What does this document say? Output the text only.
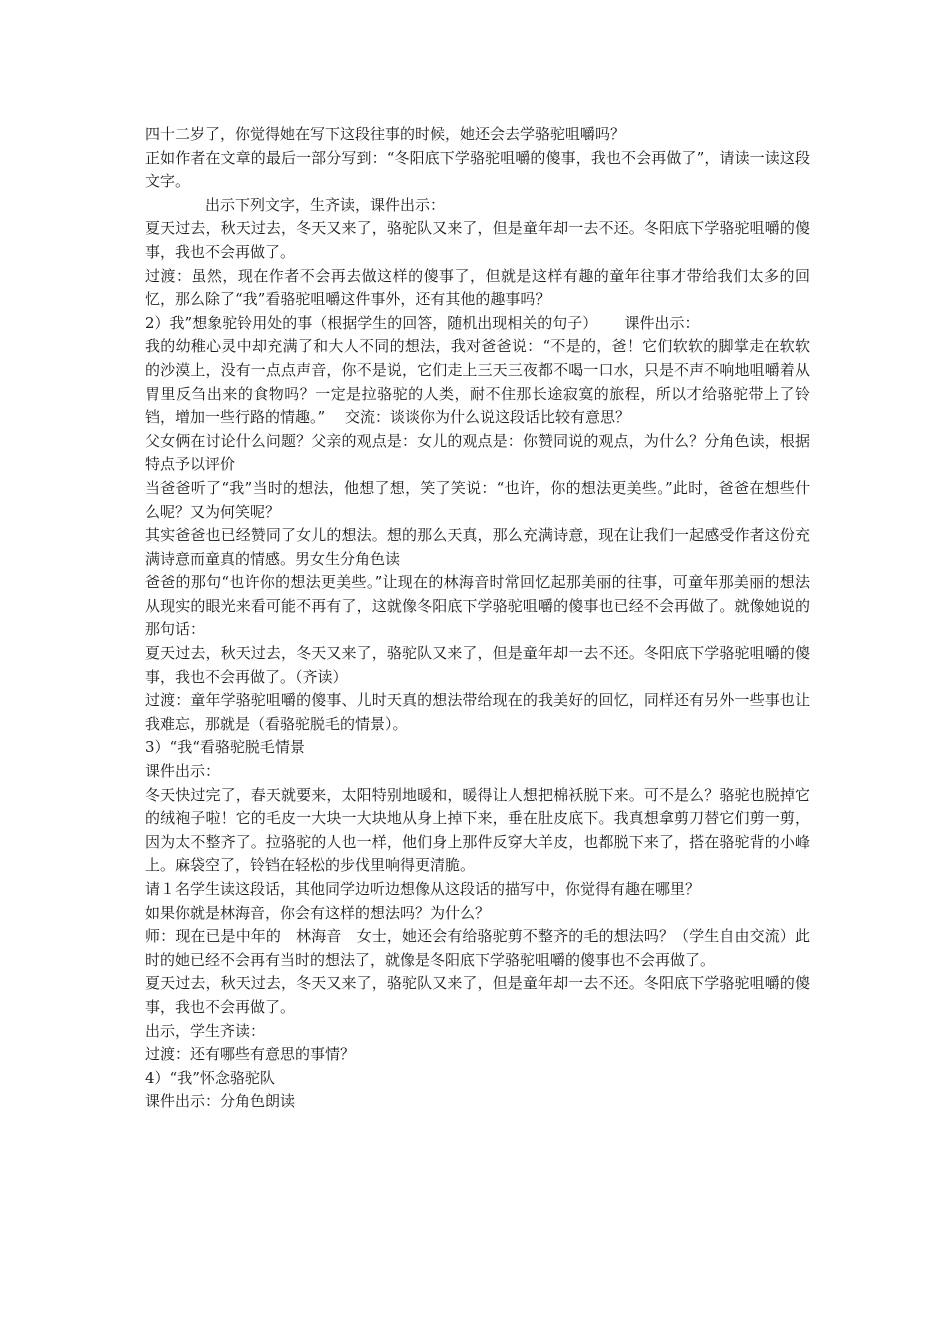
四十二岁了，你觉得她在写下这段往事的时候，她还会去学骆驼咀嚼吗？

正如作者在文章的最后一部分写到：“冬阳底下学骆驼咀嚼的傻事，我也不会再做了”，请读一读这段文字。

出示下列文字，生齐读，课件出示：

夏天过去，秋天过去，冬天又来了，骆驼队又来了，但是童年却一去不还。冬阳底下学骆驼咀嚼的傻事，我也不会再做了。

过渡：虽然，现在作者不会再去做这样的傻事了，但就是这样有趣的童年往事才带给我们太多的回忆，那么除了“我”看骆驼咀嚼这件事外，还有其他的趣事吗？

2）我”想象驼铃用处的事（根据学生的回答，随机出现相关的句子）　　 课件出示：

我的幼稚心灵中却充满了和大人不同的想法，我对爸爸说：“不是的，爸！它们软软的脚掌走在软软的沙漠上，没有一点点声音，你不是说，它们走上三天三夜都不喝一口水，只是不声不响地咀嚼着从胃里反刍出来的食物吗？一定是拉骆驼的人类，耐不住那长途寂寞的旅程，所以才给骆驼带上了铃铛，增加一些行路的情趣。”　 交流：谈谈你为什么说这段话比较有意思？

父女俩在讨论什么问题？父亲的观点是：女儿的观点是：你赞同说的观点，为什么？分角色读，根据特点予以评价

当爸爸听了“我”当时的想法，他想了想，笑了笑说：“也许，你的想法更美些。”此时，爸爸在想些什么呢？又为何笑呢？

其实爸爸也已经赞同了女儿的想法。想的那么天真，那么充满诗意，现在让我们一起感受作者这份充满诗意而童真的情感。男女生分角色读

爸爸的那句“也许你的想法更美些。”让现在的林海音时常回忆起那美丽的往事，可童年那美丽的想法从现实的眼光来看可能不再有了，这就像冬阳底下学骆驼咀嚼的傻事也已经不会再做了。就像她说的那句话：

夏天过去，秋天过去，冬天又来了，骆驼队又来了，但是童年却一去不还。冬阳底下学骆驼咀嚼的傻事，我也不会再做了。（齐读）

过渡：童年学骆驼咀嚼的傻事、儿时天真的想法带给现在的我美好的回忆，同样还有另外一些事也让我难忘，那就是（看骆驼脱毛的情景）。

3）“我“看骆驼脱毛情景

课件出示：

冬天快过完了，春天就要来，太阳特别地暖和，暖得让人想把棉袄脱下来。可不是么？骆驼也脱掉它的绒袍子啦！它的毛皮一大块一大块地从身上掉下来，垂在肚皮底下。我真想拿剪刀替它们剪一剪，因为太不整齐了。拉骆驼的人也一样，他们身上那件反穿大羊皮，也都脱下来了，搭在骆驼背的小峰上。麻袋空了，铃铛在轻松的步伐里响得更清脆。

请１名学生读这段话，其他同学边听边想像从这段话的描写中，你觉得有趣在哪里？

如果你就是林海音，你会有这样的想法吗？为什么？

师：现在已是中年的　林海音　女士，她还会有给骆驼剪不整齐的毛的想法吗？（学生自由交流）此时的她已经不会再有当时的想法了，就像是冬阳底下学骆驼咀嚼的傻事也不会再做了。

夏天过去，秋天过去，冬天又来了，骆驼队又来了，但是童年却一去不还。冬阳底下学骆驼咀嚼的傻事，我也不会再做了。

出示，学生齐读：

过渡：还有哪些有意思的事情？

4）“我”怀念骆驼队

课件出示：分角色朗读
